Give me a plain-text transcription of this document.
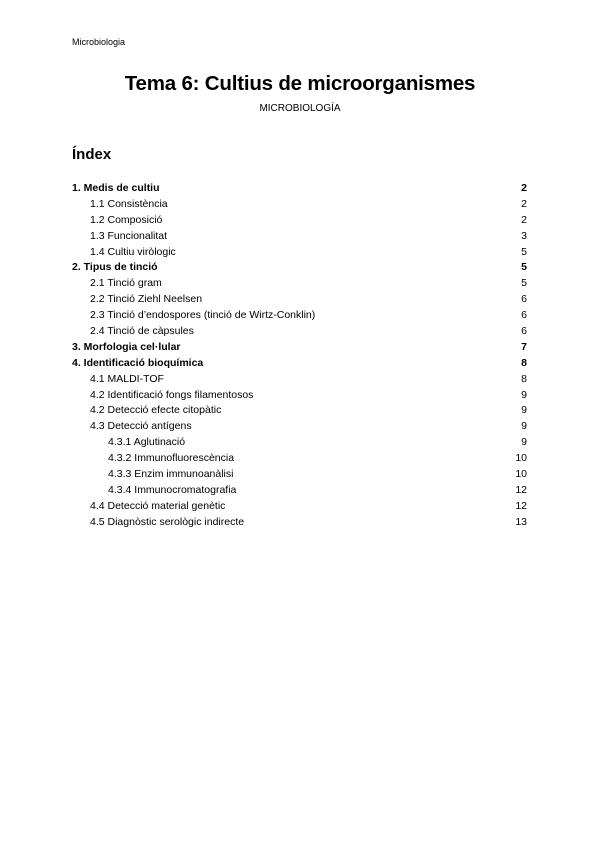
Microbiologia
Tema 6: Cultius de microorganismes
MICROBIOLOGÍA
Índex
1. Medis de cultiu	2
1.1 Consistència	2
1.2 Composició	2
1.3 Funcionalitat	3
1.4 Cultiu viròlogic	5
2. Tipus de tinció	5
2.1 Tinció gram	5
2.2 Tinció Ziehl Neelsen	6
2.3 Tinció d’endospores (tinció de Wirtz-Conklin)	6
2.4 Tinció de càpsules	6
3. Morfologia cel·lular	7
4. Identificació bioquímica	8
4.1 MALDI-TOF	8
4.2 Identificació fongs filamentosos	9
4.2 Detecció efecte citopàtic	9
4.3 Detecció antígens	9
4.3.1 Aglutinació	9
4.3.2 Immunofluorescència	10
4.3.3 Enzim immunoanàlisi	10
4.3.4 Immunocromatografia	12
4.4 Detecció material genètic	12
4.5 Diagnòstic serològic indirecte	13
